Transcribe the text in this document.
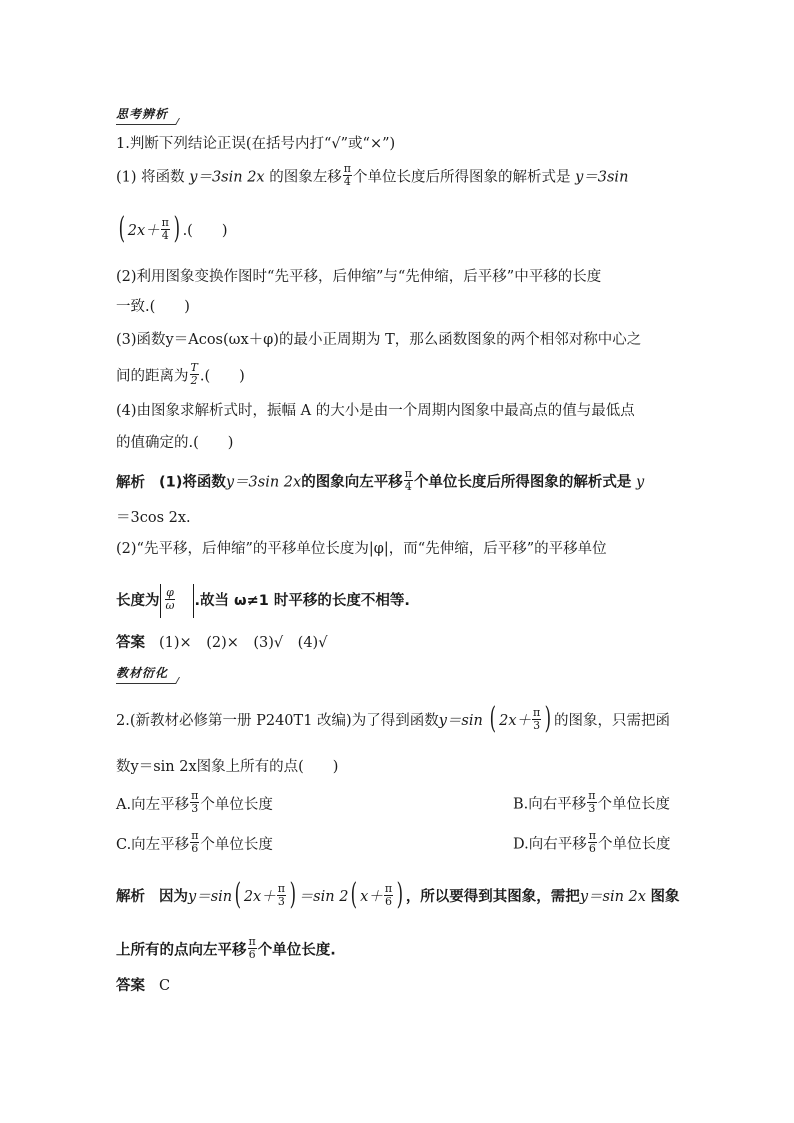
思考辨析
1.判断下列结论正误(在括号内打“√”或“×”)
(1) 将函数 y＝3sin 2x 的图象左移 $\frac{\pi}{4}$ 个单位长度后所得图象的解析式是 y＝3sin
( $2x+ \frac{\pi}{4}$ ) .(　　)
(2)利用图象变换作图时“先平移，后伸缩”与“先伸缩，后平移”中平移的长度
一致.(　　)
(3)函数y＝Acos(ωx＋φ)的最小正周期为 T，那么函数图象的两个相邻对称中心之
间的距离为 $\frac{T}{2}$ .(　　)
(4)由图象求解析式时，振幅 A 的大小是由一个周期内图象中最高点的值与最低点
的值确定的.(　　)
解析 (1)将函数y＝3sin 2x的图象向左平移 $\frac{\pi}{4}$ 个单位长度后所得图象的解析式是 y
＝3cos 2x.
(2)“先平移，后伸缩”的平移单位长度为|φ|，而“先伸缩，后平移”的平移单位
长度为 $\frac{\varphi}{\omega}$ .故当 ω≠1 时平移的长度不相等.
答案 (1)×　(2)×　(3)√　(4)√
教材衍化
2.(新教材必修第一册 P240T1 改编)为了得到函数y＝sin ( $2x+ \frac{\pi}{3}$ ) 的图象，只需把函
数y＝sin 2x图象上所有的点(　　)
A.向左平移 $\frac{\pi}{3}$ 个单位长度	B.向右平移 $\frac{\pi}{3}$ 个单位长度
C.向左平移 $\frac{\pi}{6}$ 个单位长度	D.向右平移 $\frac{\pi}{6}$ 个单位长度
解析 因为y＝sin( $2x+ \frac{\pi}{3}$ ) ＝sin 2( $x+ \frac{\pi}{6}$ ) ，所以要得到其图象，需把y＝sin 2x 图象
上所有的点向左平移 $\frac{\pi}{6}$ 个单位长度.
答案 C
